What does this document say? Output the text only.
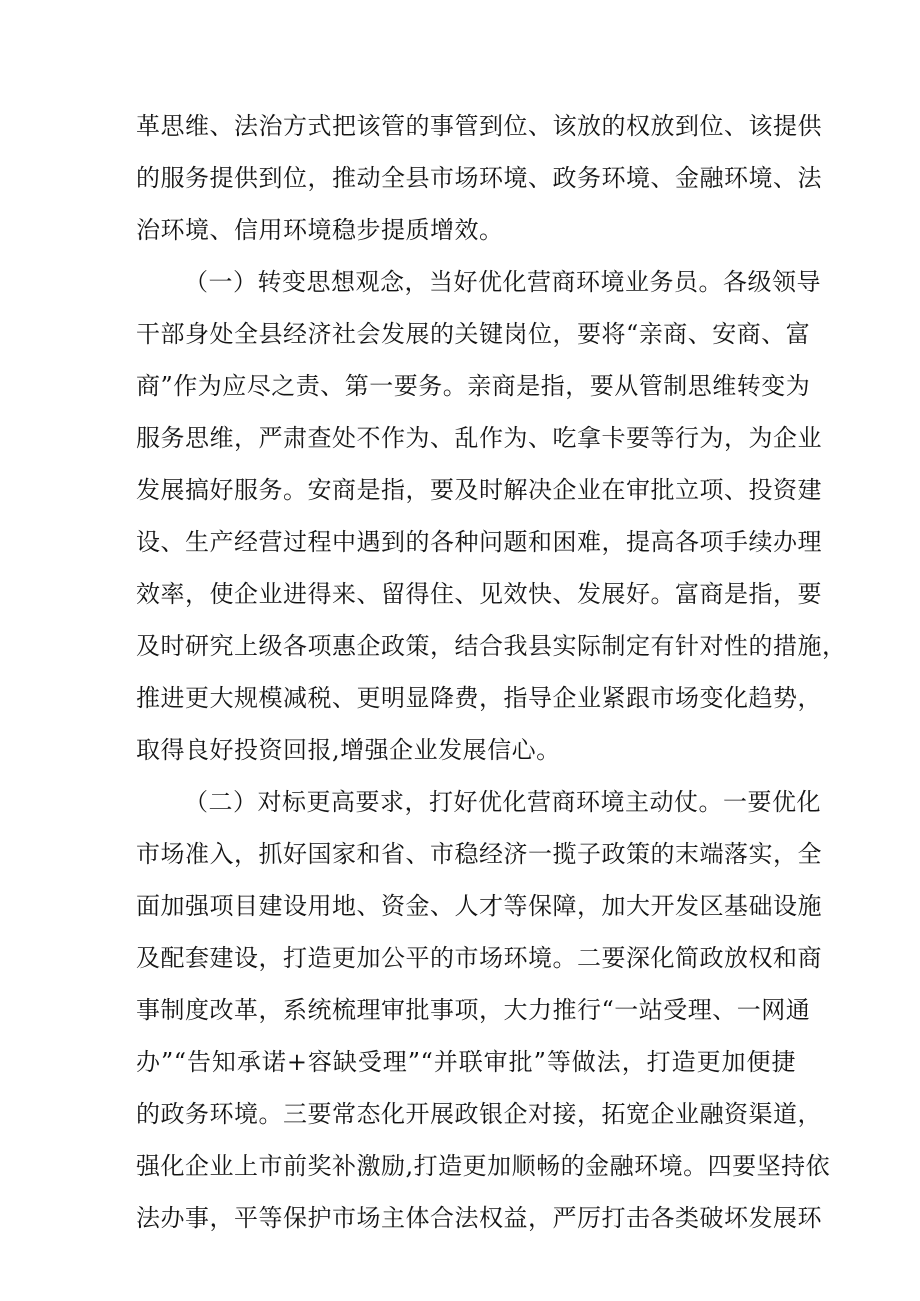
革思维、法治方式把该管的事管到位、该放的权放到位、该提供
的服务提供到位，推动全县市场环境、政务环境、金融环境、法
治环境、信用环境稳步提质增效。
（一）转变思想观念，当好优化营商环境业务员。各级领导
干部身处全县经济社会发展的关键岗位，要将“亲商、安商、富
商”作为应尽之责、第一要务。亲商是指，要从管制思维转变为
服务思维，严肃查处不作为、乱作为、吃拿卡要等行为，为企业
发展搞好服务。安商是指，要及时解决企业在审批立项、投资建
设、生产经营过程中遇到的各种问题和困难，提高各项手续办理
效率，使企业进得来、留得住、见效快、发展好。富商是指，要
及时研究上级各项惠企政策，结合我县实际制定有针对性的措施，
推进更大规模减税、更明显降费，指导企业紧跟市场变化趋势，
取得良好投资回报,增强企业发展信心。
（二）对标更高要求，打好优化营商环境主动仗。一要优化
市场准入，抓好国家和省、市稳经济一揽子政策的末端落实，全
面加强项目建设用地、资金、人才等保障，加大开发区基础设施
及配套建设，打造更加公平的市场环境。二要深化简政放权和商
事制度改革，系统梳理审批事项，大力推行“一站受理、一网通
办”“告知承诺+容缺受理”“并联审批”等做法，打造更加便捷
的政务环境。三要常态化开展政银企对接，拓宽企业融资渠道，
强化企业上市前奖补激励,打造更加顺畅的金融环境。四要坚持依
法办事，平等保护市场主体合法权益，严厉打击各类破坏发展环
